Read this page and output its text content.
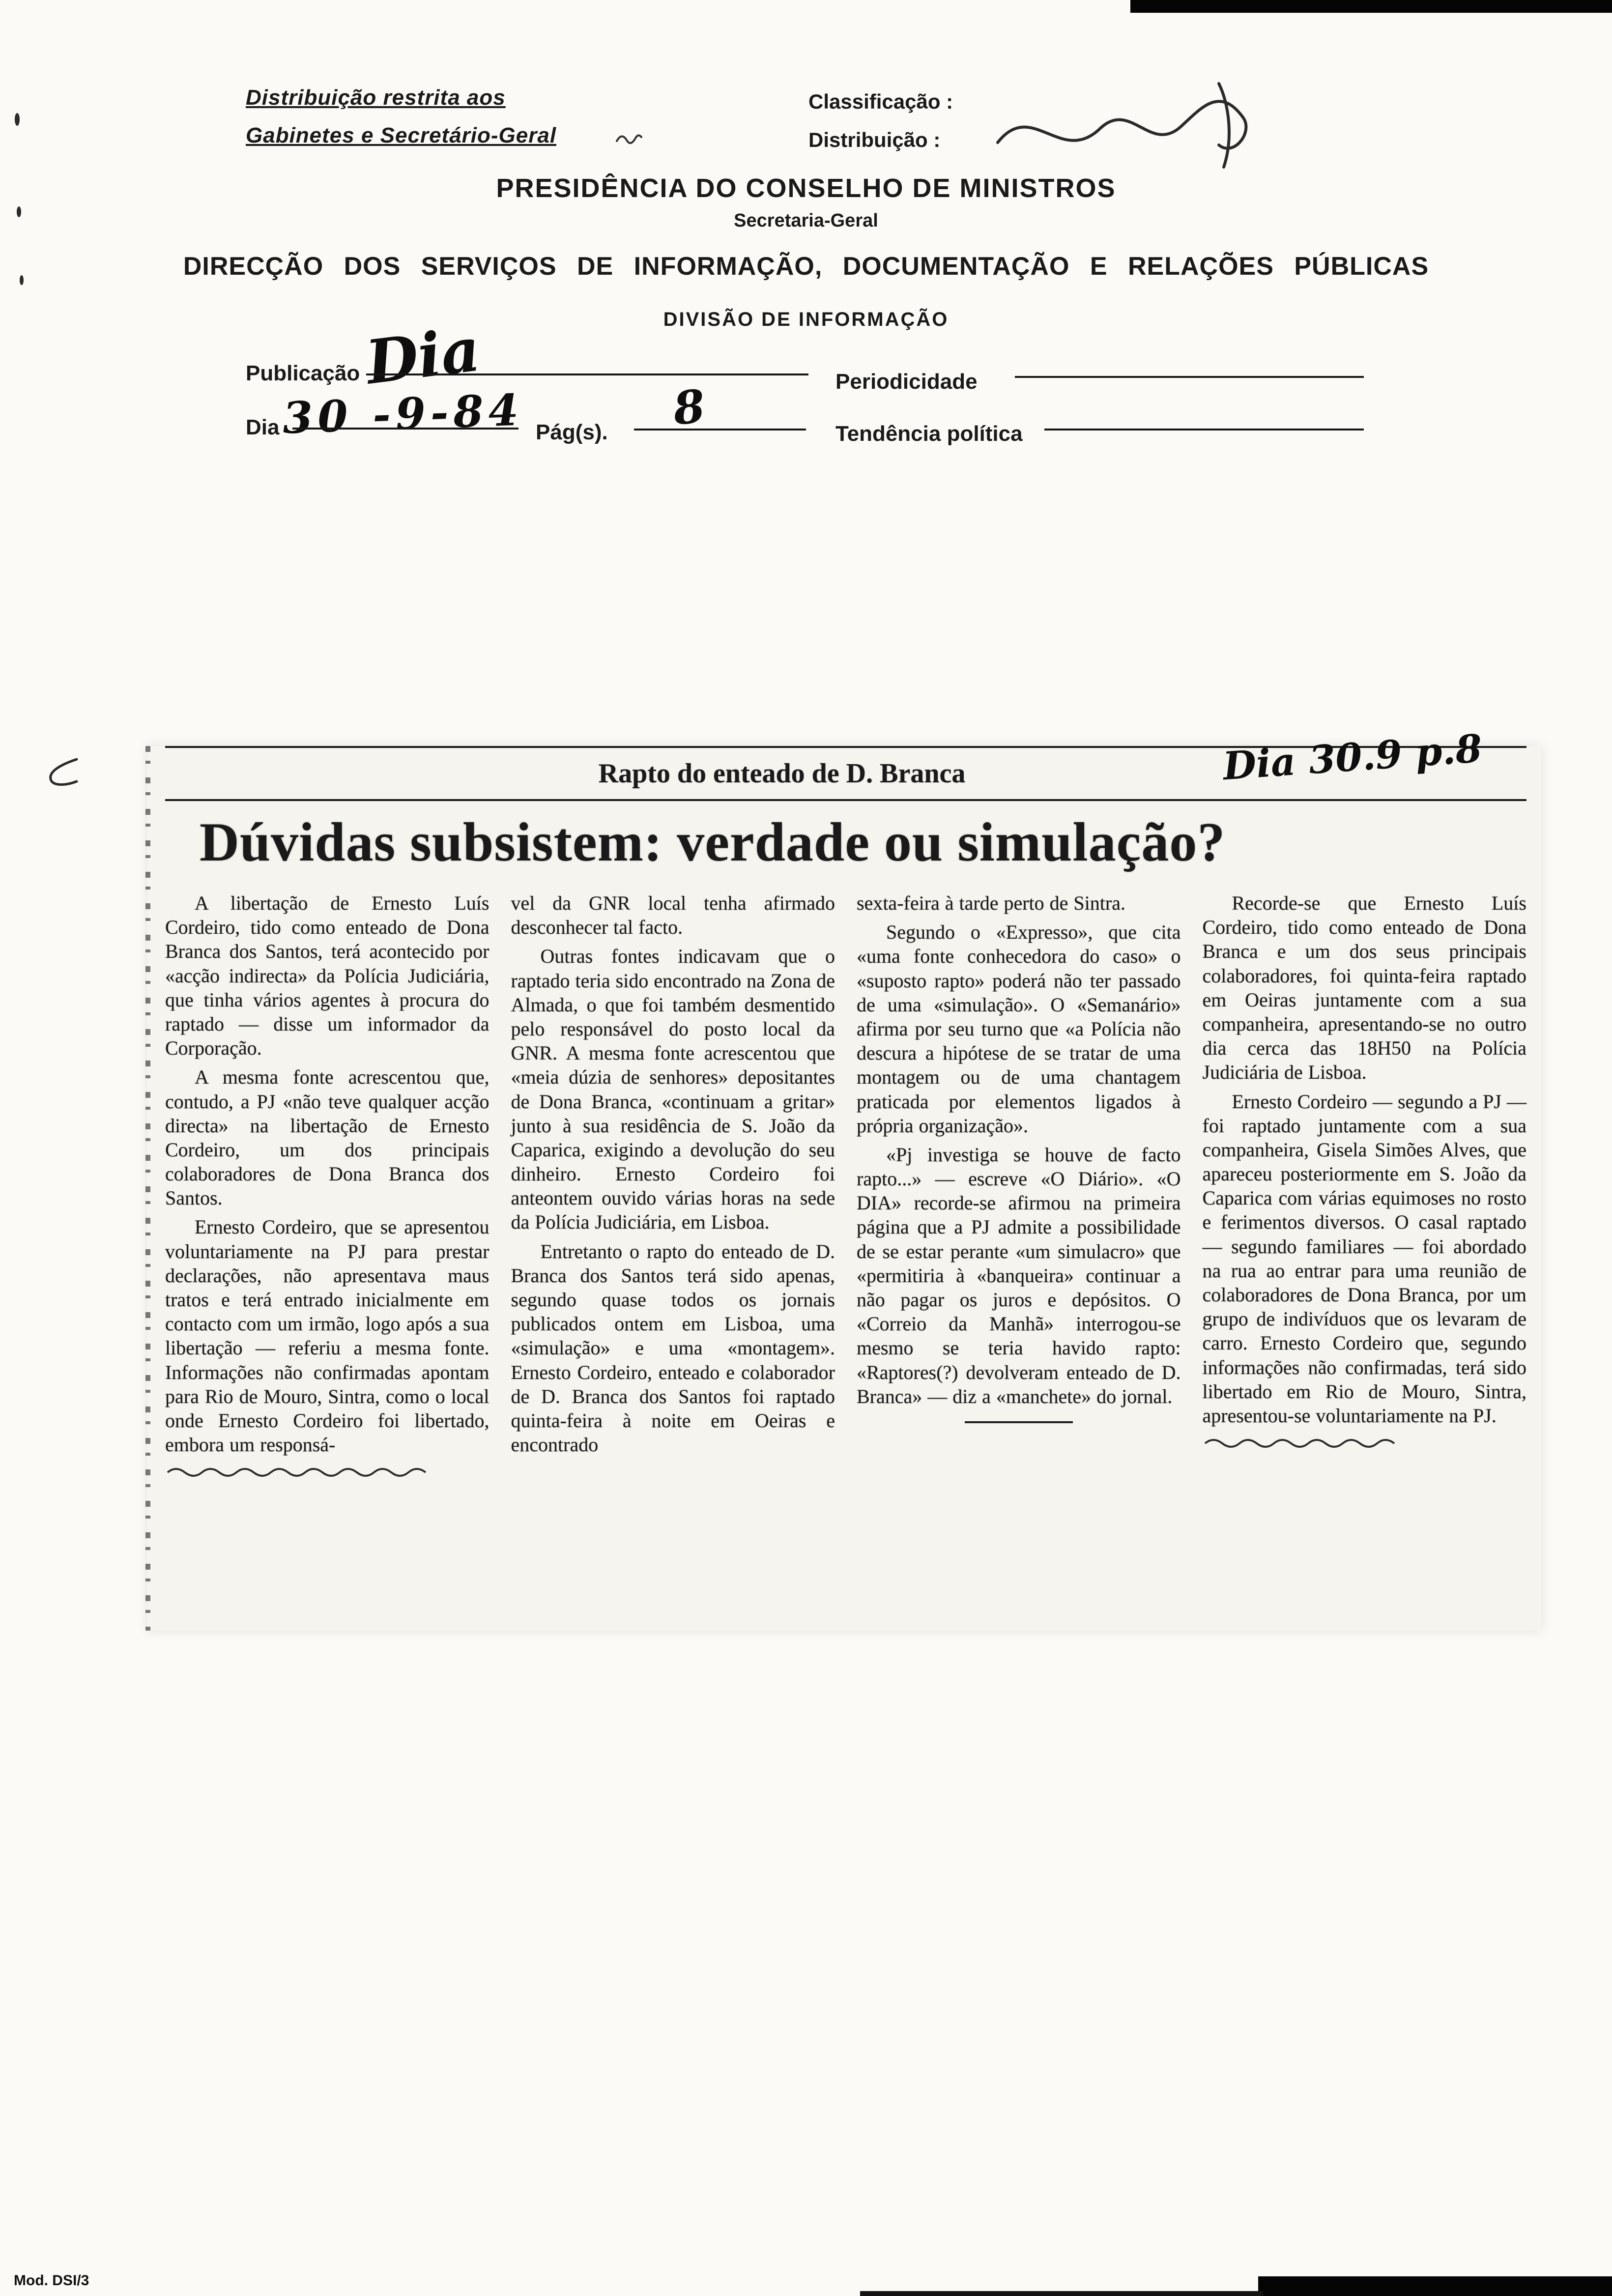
Distribuição restrita aos
Gabinetes e Secretário-Geral
Classificação :
Distribuição :
PRESIDÊNCIA DO CONSELHO DE MINISTROS
Secretaria-Geral
DIRECÇÃO DOS SERVIÇOS DE INFORMAÇÃO, DOCUMENTAÇÃO E RELAÇÕES PÚBLICAS
DIVISÃO DE INFORMAÇÃO
Publicação Dia	Periodicidade
Dia 30 -9-84 Pág(s). 8	Tendência política
Rapto do enteado de D. Branca	Dia 30.9 p.8
Dúvidas subsistem: verdade ou simulação?

A libertação de Ernesto Luís Cordeiro, tido como enteado de Dona Branca dos Santos, terá acontecido por «acção indirecta» da Polícia Judiciária, que tinha vários agentes à procura do raptado — disse um informador da Corporação.

A mesma fonte acrescentou que, contudo, a PJ «não teve qualquer acção directa» na libertação de Ernesto Cordeiro, um dos principais colaboradores de Dona Branca dos Santos.

Ernesto Cordeiro, que se apresentou voluntariamente na PJ para prestar declarações, não apresentava maus tratos e terá entrado inicialmente em contacto com um irmão, logo após a sua libertação — referiu a mesma fonte. Informações não confirmadas apontam para Rio de Mouro, Sintra, como o local onde Ernesto Cordeiro foi libertado, embora um responsá-

vel da GNR local tenha afirmado desconhecer tal facto.

Outras fontes indicavam que o raptado teria sido encontrado na Zona de Almada, o que foi também desmentido pelo responsável do posto local da GNR. A mesma fonte acrescentou que «meia dúzia de senhores» depositantes de Dona Branca, «continuam a gritar» junto à sua residência de S. João da Caparica, exigindo a devolução do seu dinheiro. Ernesto Cordeiro foi anteontem ouvido várias horas na sede da Polícia Judiciária, em Lisboa.

Entretanto o rapto do enteado de D. Branca dos Santos terá sido apenas, segundo quase todos os jornais publicados ontem em Lisboa, uma «simulação» e uma «montagem». Ernesto Cordeiro, enteado e colaborador de D. Branca dos Santos foi raptado quinta-feira à noite em Oeiras e encontrado

sexta-feira à tarde perto de Sintra.

Segundo o «Expresso», que cita «uma fonte conhecedora do caso» o «suposto rapto» poderá não ter passado de uma «simulação». O «Semanário» afirma por seu turno que «a Polícia não descura a hipótese de se tratar de uma montagem ou de uma chantagem praticada por elementos ligados à própria organização».

«Pj investiga se houve de facto rapto...» — escreve «O Diário». «O DIA» recorde-se afirmou na primeira página que a PJ admite a possibilidade de se estar perante «um simulacro» que «permitiria à «banqueira» continuar a não pagar os juros e depósitos. O «Correio da Manhã» interrogou-se mesmo se teria havido rapto: «Raptores(?) devolveram enteado de D. Branca» — diz a «manchete» do jornal.

Recorde-se que Ernesto Luís Cordeiro, tido como enteado de Dona Branca e um dos seus principais colaboradores, foi quinta-feira raptado em Oeiras juntamente com a sua companheira, apresentando-se no outro dia cerca das 18H50 na Polícia Judiciária de Lisboa.

Ernesto Cordeiro — segundo a PJ — foi raptado juntamente com a sua companheira, Gisela Simões Alves, que apareceu posteriormente em S. João da Caparica com várias equimoses no rosto e ferimentos diversos. O casal raptado — segundo familiares — foi abordado na rua ao entrar para uma reunião de colaboradores de Dona Branca, por um grupo de indivíduos que os levaram de carro. Ernesto Cordeiro que, segundo informações não confirmadas, terá sido libertado em Rio de Mouro, Sintra, apresentou-se voluntariamente na PJ.

Mod. DSI/3
